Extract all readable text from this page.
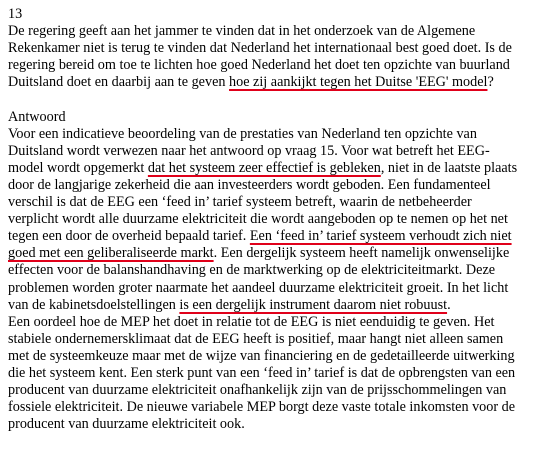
13
De regering geeft aan het jammer te vinden dat in het onderzoek van de Algemene
Rekenkamer niet is terug te vinden dat Nederland het internationaal best goed doet. Is de
regering bereid om toe te lichten hoe goed Nederland het doet ten opzichte van buurland
Duitsland doet en daarbij aan te geven hoe zij aankijkt tegen het Duitse 'EEG' model?
Antwoord
Voor een indicatieve beoordeling van de prestaties van Nederland ten opzichte van
Duitsland wordt verwezen naar het antwoord op vraag 15. Voor wat betreft het EEG-
model wordt opgemerkt dat het systeem zeer effectief is gebleken, niet in de laatste plaats
door de langjarige zekerheid die aan investeerders wordt geboden. Een fundamenteel
verschil is dat de EEG een ‘feed in’ tarief systeem betreft, waarin de netbeheerder
verplicht wordt alle duurzame elektriciteit die wordt aangeboden op te nemen op het net
tegen een door de overheid bepaald tarief. Een ‘feed in’ tarief systeem verhoudt zich niet
goed met een geliberaliseerde markt. Een dergelijk systeem heeft namelijk onwenselijke
effecten voor de balanshandhaving en de marktwerking op de elektriciteitmarkt. Deze
problemen worden groter naarmate het aandeel duurzame elektriciteit groeit. In het licht
van de kabinetsdoelstellingen is een dergelijk instrument daarom niet robuust.
Een oordeel hoe de MEP het doet in relatie tot de EEG is niet eenduidig te geven. Het
stabiele ondernemersklimaat dat de EEG heeft is positief, maar hangt niet alleen samen
met de systeemkeuze maar met de wijze van financiering en de gedetailleerde uitwerking
die het systeem kent. Een sterk punt van een ‘feed in’ tarief is dat de opbrengsten van een
producent van duurzame elektriciteit onafhankelijk zijn van de prijsschommelingen van
fossiele elektriciteit. De nieuwe variabele MEP borgt deze vaste totale inkomsten voor de
producent van duurzame elektriciteit ook.
